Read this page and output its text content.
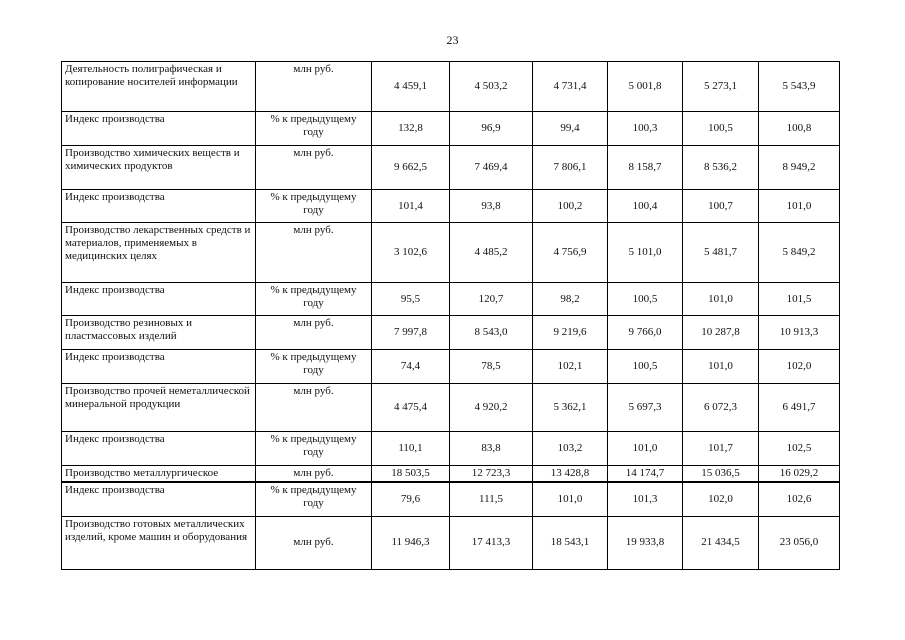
23
Деятельность полиграфическая и копирование носителей информации	млн руб.	4 459,1	4 503,2	4 731,4	5 001,8	5 273,1	5 543,9
Индекс производства	% к предыдущему году	132,8	96,9	99,4	100,3	100,5	100,8
Производство химических веществ и химических продуктов	млн руб.	9 662,5	7 469,4	7 806,1	8 158,7	8 536,2	8 949,2
Индекс производства	% к предыдущему году	101,4	93,8	100,2	100,4	100,7	101,0
Производство лекарственных средств и материалов, применяемых в медицинских целях	млн руб.	3 102,6	4 485,2	4 756,9	5 101,0	5 481,7	5 849,2
Индекс производства	% к предыдущему году	95,5	120,7	98,2	100,5	101,0	101,5
Производство резиновых и пластмассовых изделий	млн руб.	7 997,8	8 543,0	9 219,6	9 766,0	10 287,8	10 913,3
Индекс производства	% к предыдущему году	74,4	78,5	102,1	100,5	101,0	102,0
Производство прочей неметаллической минеральной продукции	млн руб.	4 475,4	4 920,2	5 362,1	5 697,3	6 072,3	6 491,7
Индекс производства	% к предыдущему году	110,1	83,8	103,2	101,0	101,7	102,5
Производство металлургическое	млн руб.	18 503,5	12 723,3	13 428,8	14 174,7	15 036,5	16 029,2
Индекс производства	% к предыдущему году	79,6	111,5	101,0	101,3	102,0	102,6
Производство готовых металлических изделий, кроме машин и оборудования	млн руб.	11 946,3	17 413,3	18 543,1	19 933,8	21 434,5	23 056,0
